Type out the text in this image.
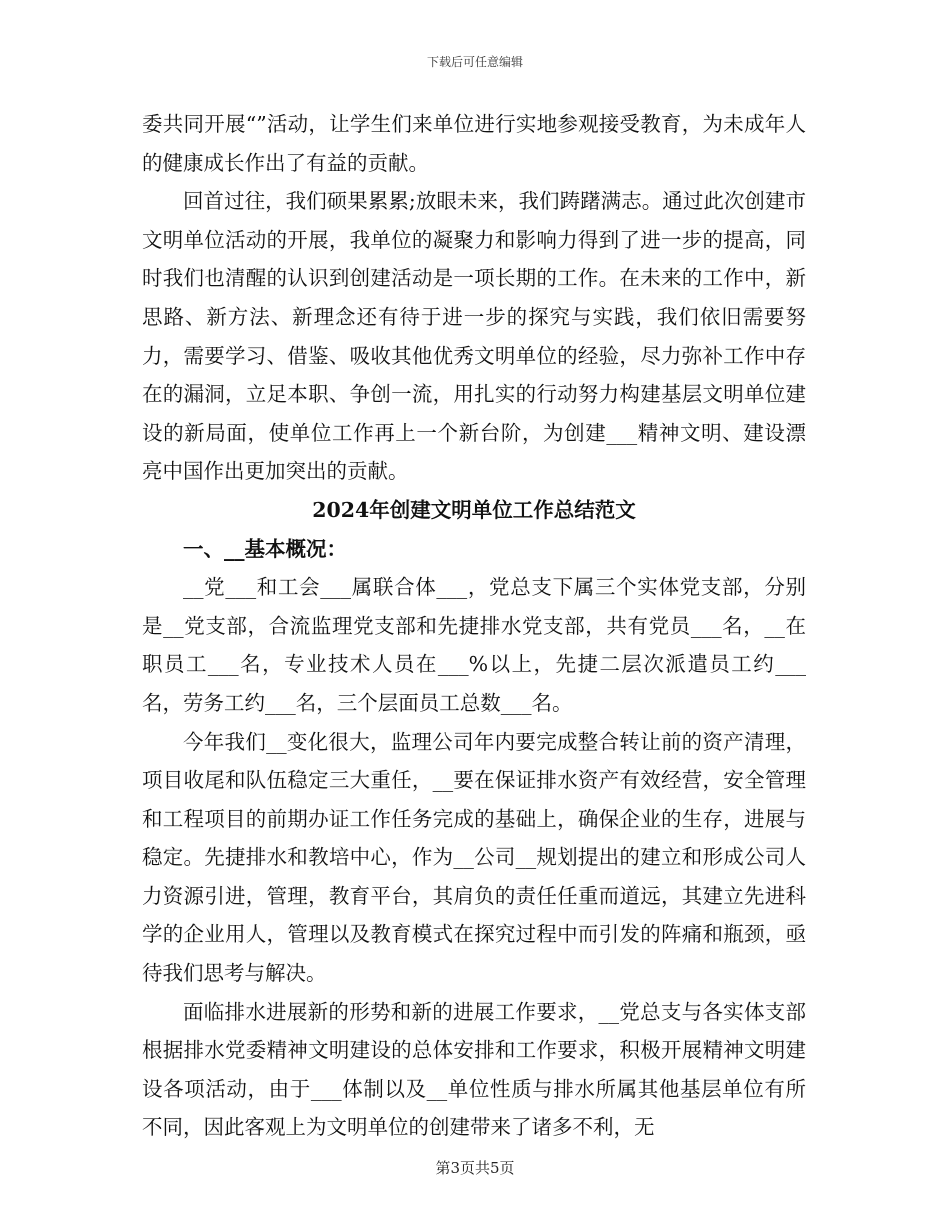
下载后可任意编辑

委共同开展“”活动，让学生们来单位进行实地参观接受教育，为未成年人的健康成长作出了有益的贡献。

回首过往，我们硕果累累;放眼未来，我们踌躇满志。通过此次创建市文明单位活动的开展，我单位的凝聚力和影响力得到了进一步的提高，同时我们也清醒的认识到创建活动是一项长期的工作。在未来的工作中，新思路、新方法、新理念还有待于进一步的探究与实践，我们依旧需要努力，需要学习、借鉴、吸收其他优秀文明单位的经验，尽力弥补工作中存在的漏洞，立足本职、争创一流，用扎实的行动努力构建基层文明单位建设的新局面，使单位工作再上一个新台阶，为创建___精神文明、建设漂亮中国作出更加突出的贡献。

2024年创建文明单位工作总结范文

一、__基本概况：

__党___和工会___属联合体___，党总支下属三个实体党支部，分别是__党支部，合流监理党支部和先捷排水党支部，共有党员___名，__在职员工___名，专业技术人员在___%以上，先捷二层次派遣员工约___名，劳务工约___名，三个层面员工总数___名。

今年我们__变化很大，监理公司年内要完成整合转让前的资产清理，项目收尾和队伍稳定三大重任，__要在保证排水资产有效经营，安全管理和工程项目的前期办证工作任务完成的基础上，确保企业的生存，进展与稳定。先捷排水和教培中心，作为__公司__规划提出的建立和形成公司人力资源引进，管理，教育平台，其肩负的责任任重而道远，其建立先进科学的企业用人，管理以及教育模式在探究过程中而引发的阵痛和瓶颈，亟待我们思考与解决。

面临排水进展新的形势和新的进展工作要求，__党总支与各实体支部根据排水党委精神文明建设的总体安排和工作要求，积极开展精神文明建设各项活动，由于___体制以及__单位性质与排水所属其他基层单位有所不同，因此客观上为文明单位的创建带来了诸多不利，无

第3页共5页
